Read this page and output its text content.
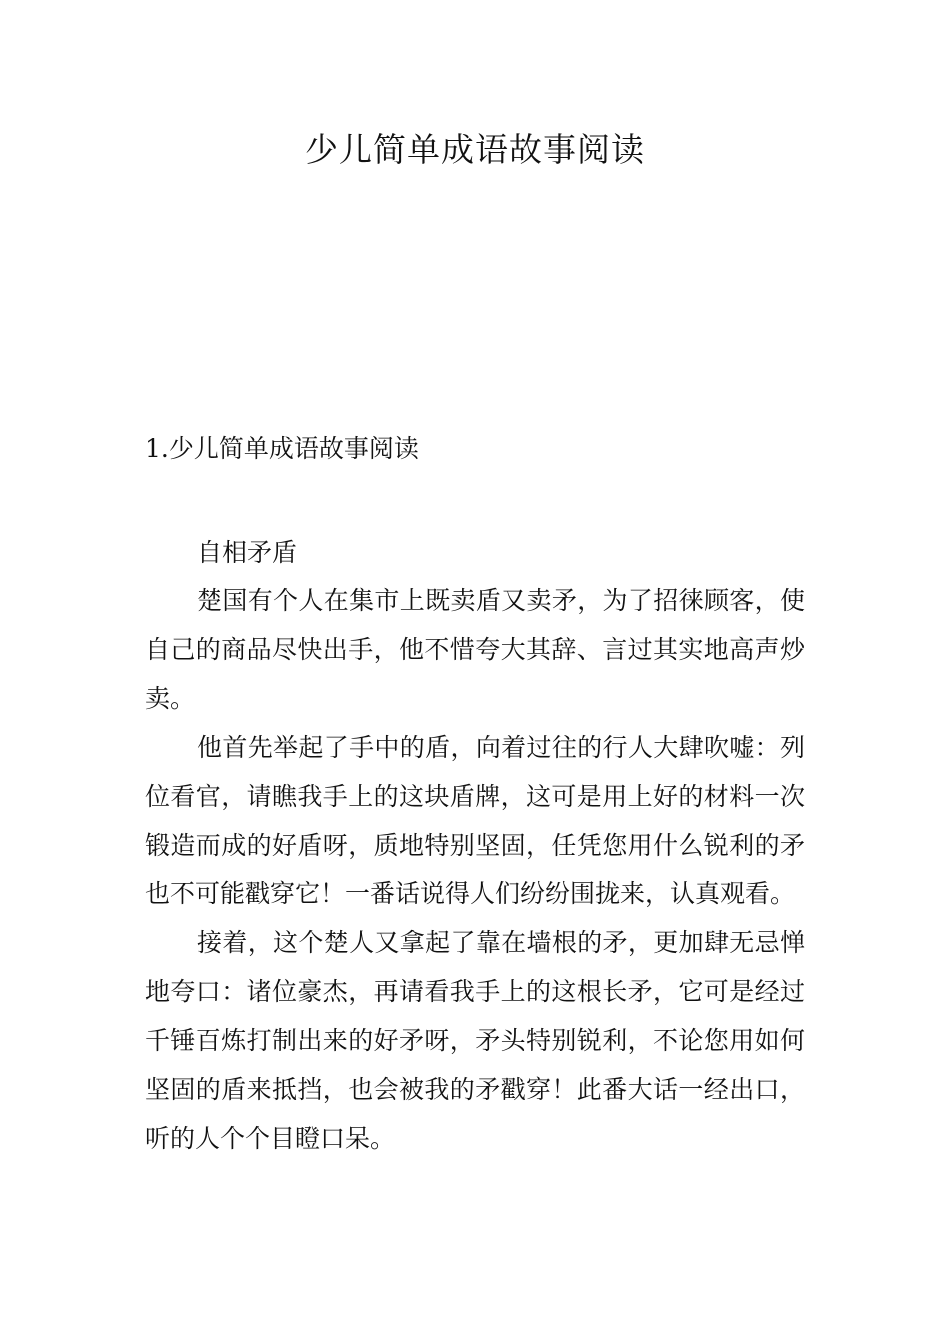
少儿简单成语故事阅读
1.少儿简单成语故事阅读
自相矛盾

楚国有个人在集市上既卖盾又卖矛，为了招徕顾客，使自己的商品尽快出手，他不惜夸大其辞、言过其实地高声炒卖。

他首先举起了手中的盾，向着过往的行人大肆吹嘘：列位看官，请瞧我手上的这块盾牌，这可是用上好的材料一次锻造而成的好盾呀，质地特别坚固，任凭您用什么锐利的矛也不可能戳穿它！一番话说得人们纷纷围拢来，认真观看。

接着，这个楚人又拿起了靠在墙根的矛，更加肆无忌惮地夸口：诸位豪杰，再请看我手上的这根长矛，它可是经过千锤百炼打制出来的好矛呀，矛头特别锐利，不论您用如何坚固的盾来抵挡，也会被我的矛戳穿！此番大话一经出口，听的人个个目瞪口呆。
